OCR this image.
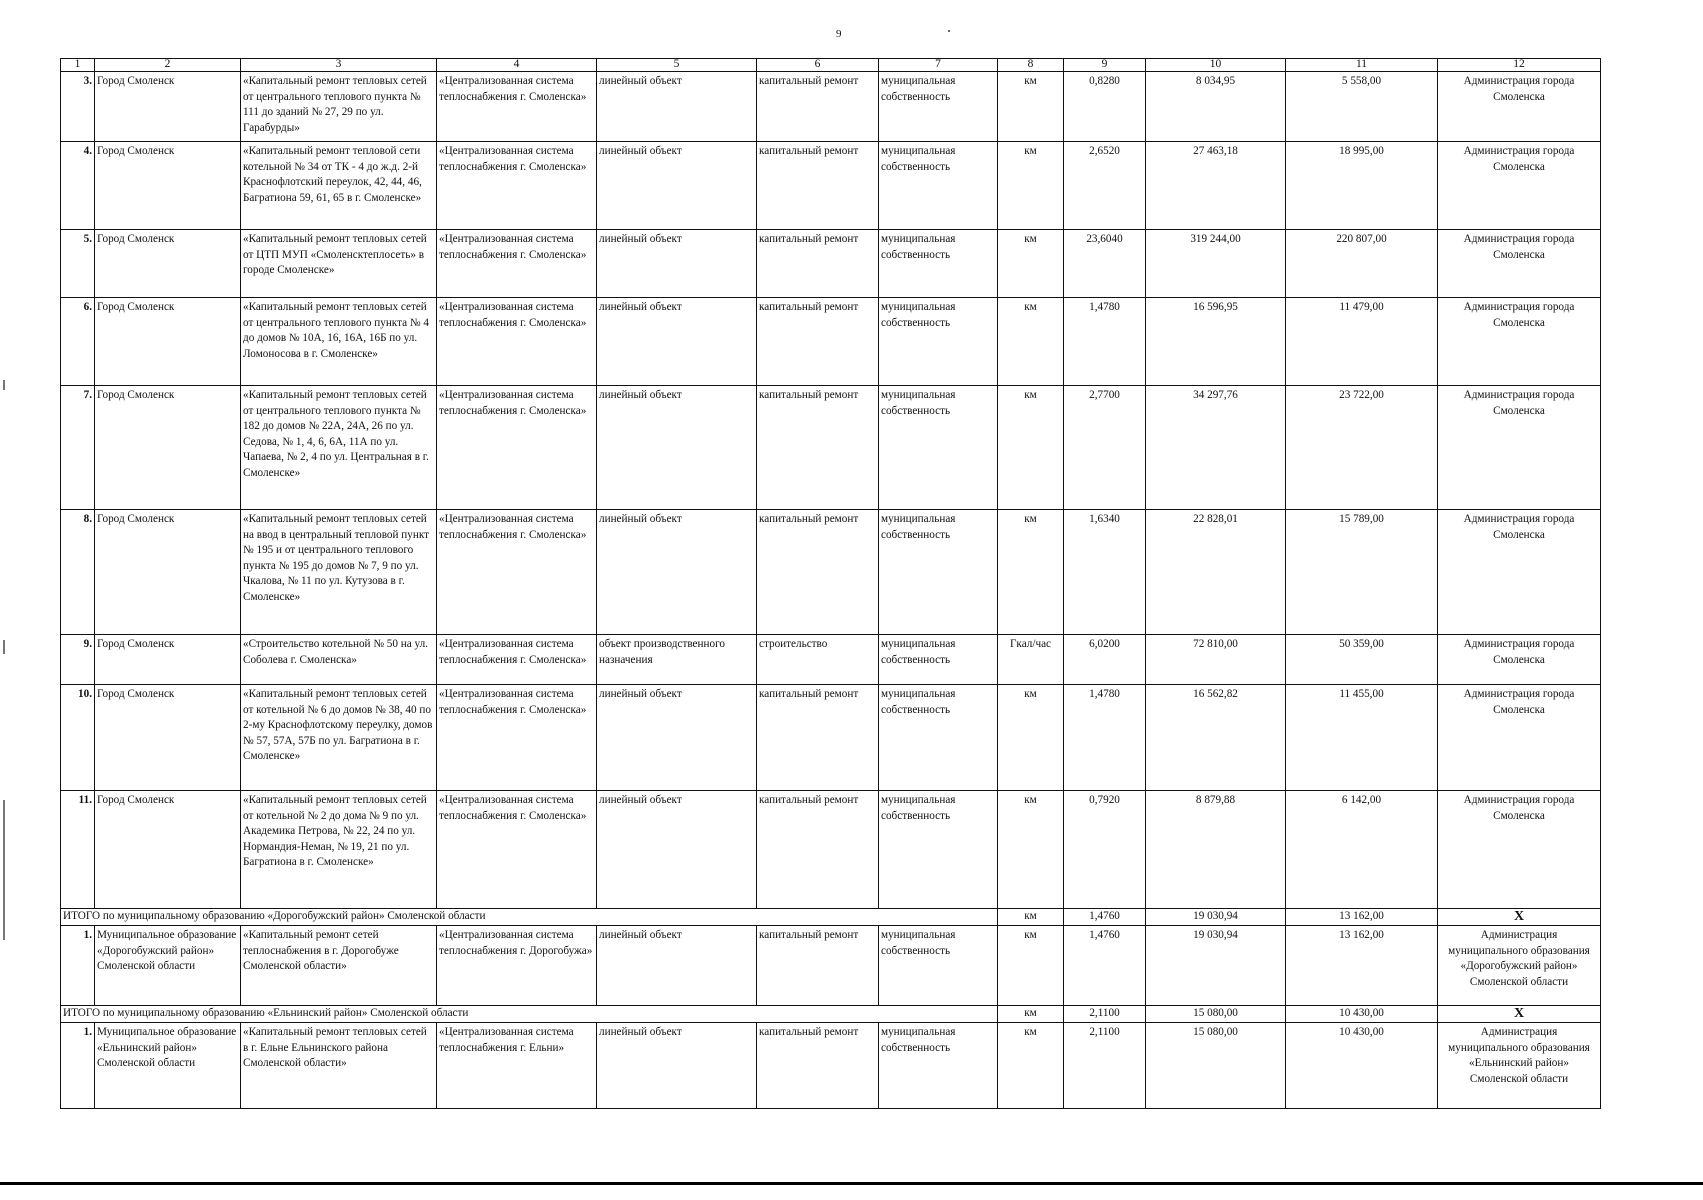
9
1	2	3	4	5	6	7	8	9	10	11	12
3.	Город Смоленск	«Капитальный ремонт тепловых сетей от центрального теплового пункта № 111 до зданий № 27, 29 по ул. Гарабурды»	«Централизованная система теплоснабжения г. Смоленска»	линейный объект	капитальный ремонт	муниципальная собственность	км	0,8280	8 034,95	5 558,00	Администрация города Смоленска
4.	Город Смоленск	«Капитальный ремонт тепловой сети котельной № 34 от ТК - 4 до ж.д. 2-й Краснофлотский переулок, 42, 44, 46, Багратиона 59, 61, 65 в г. Смоленске»	«Централизованная система теплоснабжения г. Смоленска»	линейный объект	капитальный ремонт	муниципальная собственность	км	2,6520	27 463,18	18 995,00	Администрация города Смоленска
5.	Город Смоленск	«Капитальный ремонт тепловых сетей от ЦТП МУП «Смоленсктеплосеть» в городе Смоленске»	«Централизованная система теплоснабжения г. Смоленска»	линейный объект	капитальный ремонт	муниципальная собственность	км	23,6040	319 244,00	220 807,00	Администрация города Смоленска
6.	Город Смоленск	«Капитальный ремонт тепловых сетей от центрального теплового пункта № 4 до домов № 10А, 16, 16А, 16Б по ул. Ломоносова в г. Смоленске»	«Централизованная система теплоснабжения г. Смоленска»	линейный объект	капитальный ремонт	муниципальная собственность	км	1,4780	16 596,95	11 479,00	Администрация города Смоленска
7.	Город Смоленск	«Капитальный ремонт тепловых сетей от центрального теплового пункта № 182 до домов № 22А, 24А, 26 по ул. Седова, № 1, 4, 6, 6А, 11А по ул. Чапаева, № 2, 4 по ул. Центральная в г. Смоленске»	«Централизованная система теплоснабжения г. Смоленска»	линейный объект	капитальный ремонт	муниципальная собственность	км	2,7700	34 297,76	23 722,00	Администрация города Смоленска
8.	Город Смоленск	«Капитальный ремонт тепловых сетей на ввод в центральный тепловой пункт № 195 и от центрального теплового пункта № 195 до домов № 7, 9 по ул. Чкалова, № 11 по ул. Кутузова в г. Смоленске»	«Централизованная система теплоснабжения г. Смоленска»	линейный объект	капитальный ремонт	муниципальная собственность	км	1,6340	22 828,01	15 789,00	Администрация города Смоленска
9.	Город Смоленск	«Строительство котельной № 50 на ул. Соболева г. Смоленска»	«Централизованная система теплоснабжения г. Смоленска»	объект производственного назначения	строительство	муниципальная собственность	Гкал/час	6,0200	72 810,00	50 359,00	Администрация города Смоленска
10.	Город Смоленск	«Капитальный ремонт тепловых сетей от котельной № 6 до домов № 38, 40 по 2-му Краснофлотскому переулку, домов № 57, 57А, 57Б по ул. Багратиона в г. Смоленске»	«Централизованная система теплоснабжения г. Смоленска»	линейный объект	капитальный ремонт	муниципальная собственность	км	1,4780	16 562,82	11 455,00	Администрация города Смоленска
11.	Город Смоленск	«Капитальный ремонт тепловых сетей от котельной № 2 до дома № 9 по ул. Академика Петрова, № 22, 24 по ул. Нормандия-Неман, № 19, 21 по ул. Багратиона в г. Смоленске»	«Централизованная система теплоснабжения г. Смоленска»	линейный объект	капитальный ремонт	муниципальная собственность	км	0,7920	8 879,88	6 142,00	Администрация города Смоленска
ИТОГО по муниципальному образованию «Дорогобужский район» Смоленской области							км	1,4760	19 030,94	13 162,00	X
1.	Муниципальное образование «Дорогобужский район» Смоленской области	«Капитальный ремонт сетей теплоснабжения в г. Дорогобуже Смоленской области»	«Централизованная система теплоснабжения г. Дорогобужа»	линейный объект	капитальный ремонт	муниципальная собственность	км	1,4760	19 030,94	13 162,00	Администрация муниципального образования «Дорогобужский район» Смоленской области
ИТОГО по муниципальному образованию «Ельнинский район» Смоленской области							км	2,1100	15 080,00	10 430,00	X
1.	Муниципальное образование «Ельнинский район» Смоленской области	«Капитальный ремонт тепловых сетей в г. Ельне Ельнинского района Смоленской области»	«Централизованная система теплоснабжения г. Ельни»	линейный объект	капитальный ремонт	муниципальная собственность	км	2,1100	15 080,00	10 430,00	Администрация муниципального образования «Ельнинский район» Смоленской области
